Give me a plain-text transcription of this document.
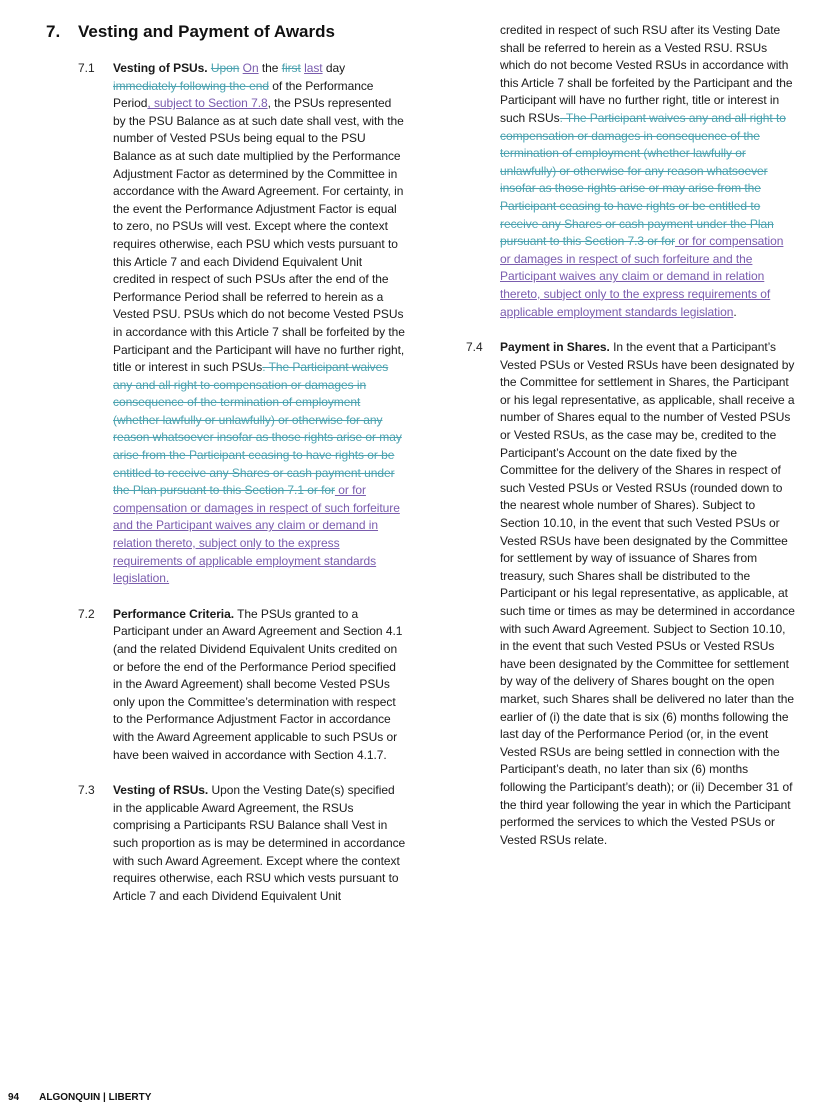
7.	Vesting and Payment of Awards
7.1	Vesting of PSUs. Upon On the first last day immediately following the end of the Performance Period, subject to Section 7.8, the PSUs represented by the PSU Balance as at such date shall vest, with the number of Vested PSUs being equal to the PSU Balance as at such date multiplied by the Performance Adjustment Factor as determined by the Committee in accordance with the Award Agreement. For certainty, in the event the Performance Adjustment Factor is equal to zero, no PSUs will vest. Except where the context requires otherwise, each PSU which vests pursuant to this Article 7 and each Dividend Equivalent Unit credited in respect of such PSUs after the end of the Performance Period shall be referred to herein as a Vested PSU. PSUs which do not become Vested PSUs in accordance with this Article 7 shall be forfeited by the Participant and the Participant will have no further right, title or interest in such PSUs. The Participant waives any and all right to compensation or damages in consequence of the termination of employment (whether lawfully or unlawfully) or otherwise for any reason whatsoever insofar as those rights arise or may arise from the Participant ceasing to have rights or be entitled to receive any Shares or cash payment under the Plan pursuant to this Section 7.1 or for or for compensation or damages in respect of such forfeiture and the Participant waives any claim or demand in relation thereto, subject only to the express requirements of applicable employment standards legislation.
7.2	Performance Criteria. The PSUs granted to a Participant under an Award Agreement and Section 4.1 (and the related Dividend Equivalent Units credited on or before the end of the Performance Period specified in the Award Agreement) shall become Vested PSUs only upon the Committee’s determination with respect to the Performance Adjustment Factor in accordance with the Award Agreement applicable to such PSUs or have been waived in accordance with Section 4.1.7.
7.3	Vesting of RSUs. Upon the Vesting Date(s) specified in the applicable Award Agreement, the RSUs comprising a Participants RSU Balance shall Vest in such proportion as is may be determined in accordance with such Award Agreement. Except where the context requires otherwise, each RSU which vests pursuant to Article 7 and each Dividend Equivalent Unit
credited in respect of such RSU after its Vesting Date shall be referred to herein as a Vested RSU. RSUs which do not become Vested RSUs in accordance with this Article 7 shall be forfeited by the Participant and the Participant will have no further right, title or interest in such RSUs. The Participant waives any and all right to compensation or damages in consequence of the termination of employment (whether lawfully or unlawfully) or otherwise for any reason whatsoever insofar as those rights arise or may arise from the Participant ceasing to have rights or be entitled to receive any Shares or cash payment under the Plan pursuant to this Section 7.3 or for or for compensation or damages in respect of such forfeiture and the Participant waives any claim or demand in relation thereto, subject only to the express requirements of applicable employment standards legislation.
7.4	Payment in Shares. In the event that a Participant’s Vested PSUs or Vested RSUs have been designated by the Committee for settlement in Shares, the Participant or his legal representative, as applicable, shall receive a number of Shares equal to the number of Vested PSUs or Vested RSUs, as the case may be, credited to the Participant’s Account on the date fixed by the Committee for the delivery of the Shares in respect of such Vested PSUs or Vested RSUs (rounded down to the nearest whole number of Shares). Subject to Section 10.10, in the event that such Vested PSUs or Vested RSUs have been designated by the Committee for settlement by way of issuance of Shares from treasury, such Shares shall be distributed to the Participant or his legal representative, as applicable, at such time or times as may be determined in accordance with such Award Agreement. Subject to Section 10.10, in the event that such Vested PSUs or Vested RSUs have been designated by the Committee for settlement by way of the delivery of Shares bought on the open market, such Shares shall be delivered no later than the earlier of (i) the date that is six (6) months following the last day of the Performance Period (or, in the event Vested RSUs are being settled in connection with the Participant’s death, no later than six (6) months following the Participant’s death); or (ii) December 31 of the third year following the year in which the Participant performed the services to which the Vested PSUs or Vested RSUs relate.
94 ALGONQUIN | LIBERTY
